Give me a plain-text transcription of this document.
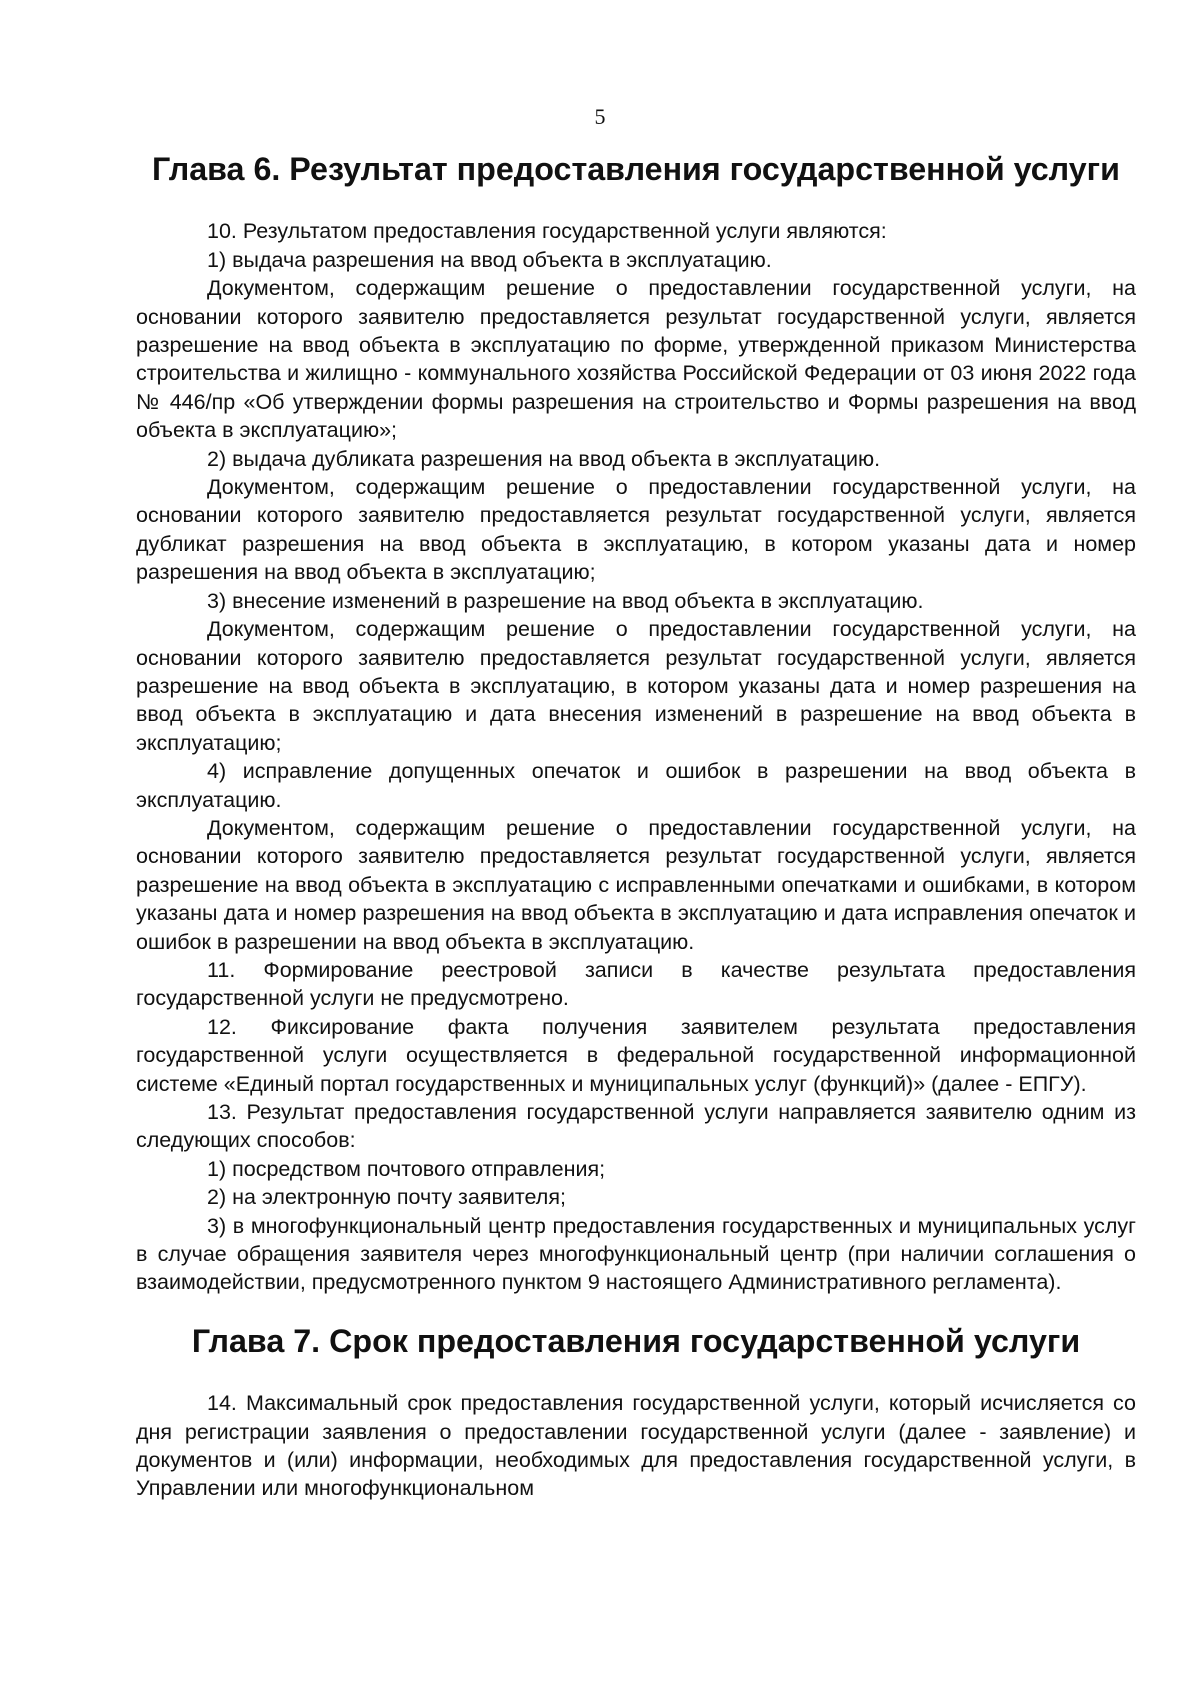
5
Глава 6. Результат предоставления государственной услуги

10. Результатом предоставления государственной услуги являются:

1) выдача разрешения на ввод объекта в эксплуатацию.

Документом, содержащим решение о предоставлении государственной услуги, на основании которого заявителю предоставляется результат государственной услуги, является разрешение на ввод объекта в эксплуатацию по форме, утвержденной приказом Министерства строительства и жилищно - коммунального хозяйства Российской Федерации от 03 июня 2022 года № 446/пр «Об утверждении формы разрешения на строительство и Формы разрешения на ввод объекта в эксплуатацию»;

2) выдача дубликата разрешения на ввод объекта в эксплуатацию.

Документом, содержащим решение о предоставлении государственной услуги, на основании которого заявителю предоставляется результат государственной услуги, является дубликат разрешения на ввод объекта в эксплуатацию, в котором указаны дата и номер разрешения на ввод объекта в эксплуатацию;

3) внесение изменений в разрешение на ввод объекта в эксплуатацию.

Документом, содержащим решение о предоставлении государственной услуги, на основании которого заявителю предоставляется результат государственной услуги, является разрешение на ввод объекта в эксплуатацию, в котором указаны дата и номер разрешения на ввод объекта в эксплуатацию и дата внесения изменений в разрешение на ввод объекта в эксплуатацию;

4) исправление допущенных опечаток и ошибок в разрешении на ввод объекта в эксплуатацию.

Документом, содержащим решение о предоставлении государственной услуги, на основании которого заявителю предоставляется результат государственной услуги, является разрешение на ввод объекта в эксплуатацию с исправленными опечатками и ошибками, в котором указаны дата и номер разрешения на ввод объекта в эксплуатацию и дата исправления опечаток и ошибок в разрешении на ввод объекта в эксплуатацию.

11. Формирование реестровой записи в качестве результата предоставления государственной услуги не предусмотрено.

12. Фиксирование факта получения заявителем результата предоставления государственной услуги осуществляется в федеральной государственной информационной системе «Единый портал государственных и муниципальных услуг (функций)» (далее - ЕПГУ).

13. Результат предоставления государственной услуги направляется заявителю одним из следующих способов:

1) посредством почтового отправления;

2) на электронную почту заявителя;

3) в многофункциональный центр предоставления государственных и муниципальных услуг в случае обращения заявителя через многофункциональный центр (при наличии соглашения о взаимодействии, предусмотренного пунктом 9 настоящего Административного регламента).

Глава 7. Срок предоставления государственной услуги

14. Максимальный срок предоставления государственной услуги, который исчисляется со дня регистрации заявления о предоставлении государственной услуги (далее - заявление) и документов и (или) информации, необходимых для предоставления государственной услуги, в Управлении или многофункциональном
